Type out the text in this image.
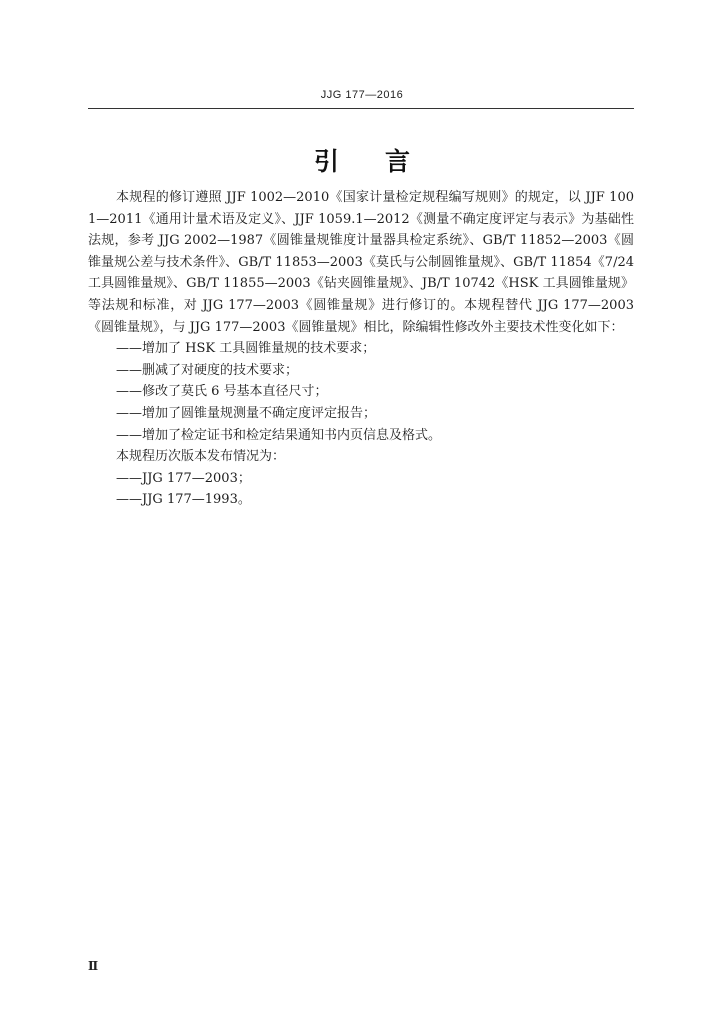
JJG 177—2016
引言

本规程的修订遵照 JJF 1002—2010《国家计量检定规程编写规则》的规定，以 JJF 1001—2011《通用计量术语及定义》、JJF 1059.1—2012《测量不确定度评定与表示》为基础性法规，参考 JJG 2002—1987《圆锥量规锥度计量器具检定系统》、GB/T 11852—2003《圆锥量规公差与技术条件》、GB/T 11853—2003《莫氏与公制圆锥量规》、GB/T 11854《7/24 工具圆锥量规》、GB/T 11855—2003《钻夹圆锥量规》、JB/T 10742《HSK 工具圆锥量规》等法规和标准，对 JJG 177—2003《圆锥量规》进行修订的。本规程替代 JJG 177—2003《圆锥量规》，与 JJG 177—2003《圆锥量规》相比，除编辑性修改外主要技术性变化如下：

——增加了 HSK 工具圆锥量规的技术要求；
——删减了对硬度的技术要求；
——修改了莫氏 6 号基本直径尺寸；
——增加了圆锥量规测量不确定度评定报告；
——增加了检定证书和检定结果通知书内页信息及格式。

本规程历次版本发布情况为：

——JJG 177—2003；
——JJG 177—1993。
Ⅱ
